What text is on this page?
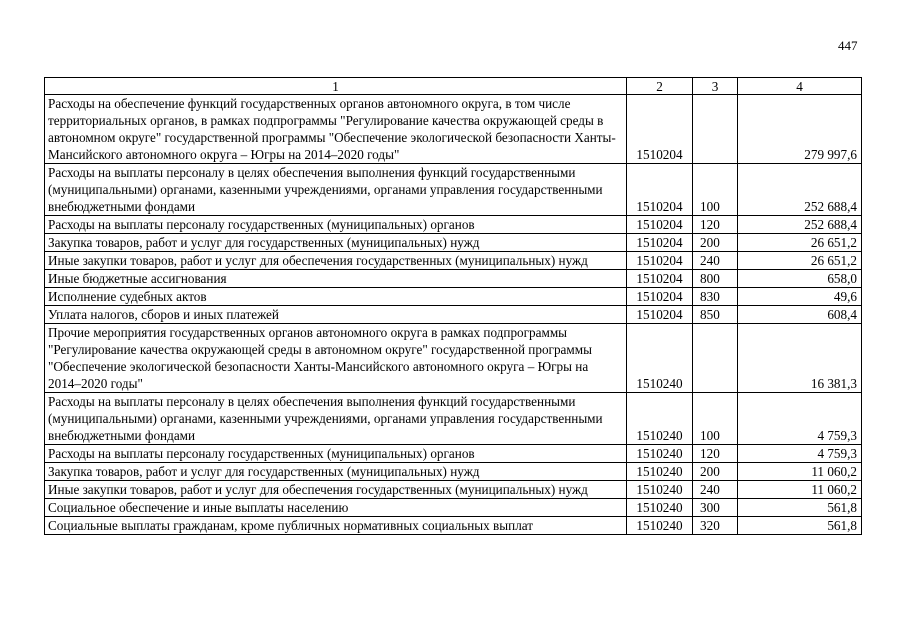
447
1	2	3	4
Расходы на обеспечение функций государственных органов автономного округа, в том числе территориальных органов, в рамках подпрограммы "Регулирование качества окружающей среды в автономном округе" государственной программы "Обеспечение экологической безопасности Ханты-Мансийского автономного округа – Югры на 2014–2020 годы"	1510204		279 997,6
Расходы на выплаты персоналу в целях обеспечения выполнения функций государственными (муниципальными) органами, казенными учреждениями, органами управления государственными внебюджетными фондами	1510204	100	252 688,4
Расходы на выплаты персоналу государственных (муниципальных) органов	1510204	120	252 688,4
Закупка товаров, работ и услуг для государственных (муниципальных) нужд	1510204	200	26 651,2
Иные закупки товаров, работ и услуг для обеспечения государственных (муниципальных) нужд	1510204	240	26 651,2
Иные бюджетные ассигнования	1510204	800	658,0
Исполнение судебных актов	1510204	830	49,6
Уплата налогов, сборов и иных платежей	1510204	850	608,4
Прочие мероприятия государственных органов автономного округа в рамках подпрограммы "Регулирование качества окружающей среды в автономном округе" государственной программы "Обеспечение экологической безопасности Ханты-Мансийского автономного округа – Югры на 2014–2020 годы"	1510240		16 381,3
Расходы на выплаты персоналу в целях обеспечения выполнения функций государственными (муниципальными) органами, казенными учреждениями, органами управления государственными внебюджетными фондами	1510240	100	4 759,3
Расходы на выплаты персоналу государственных (муниципальных) органов	1510240	120	4 759,3
Закупка товаров, работ и услуг для государственных (муниципальных) нужд	1510240	200	11 060,2
Иные закупки товаров, работ и услуг для обеспечения государственных (муниципальных) нужд	1510240	240	11 060,2
Социальное обеспечение и иные выплаты населению	1510240	300	561,8
Социальные выплаты гражданам, кроме публичных нормативных социальных выплат	1510240	320	561,8
